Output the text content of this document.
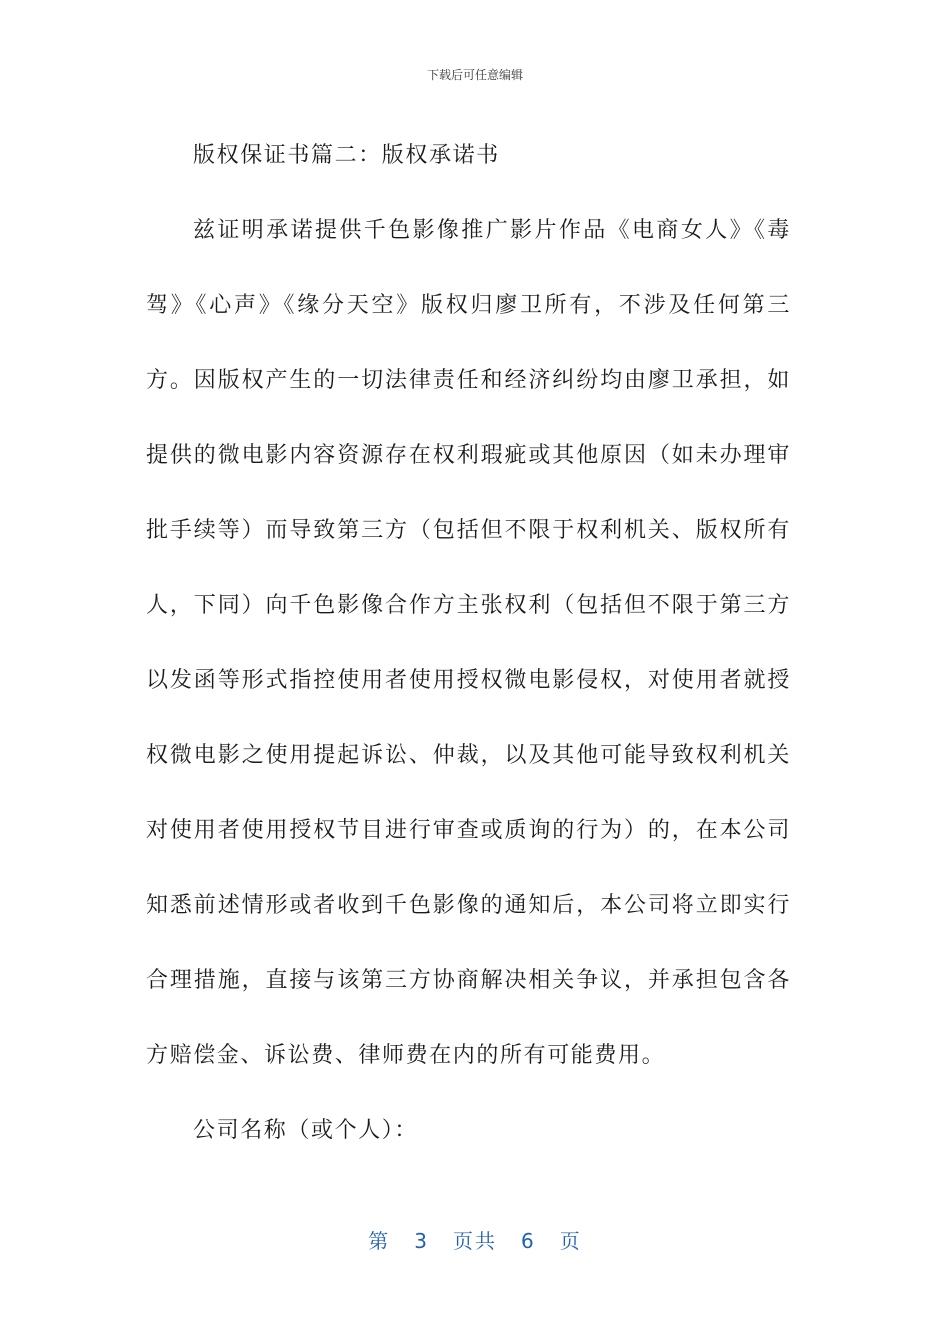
下载后可任意编辑

版权保证书篇二：版权承诺书

兹证明承诺提供千色影像推广影片作品《电商女人》《毒驾》《心声》《缘分天空》版权归廖卫所有，不涉及任何第三方。因版权产生的一切法律责任和经济纠纷均由廖卫承担，如提供的微电影内容资源存在权利瑕疵或其他原因（如未办理审批手续等）而导致第三方（包括但不限于权利机关、版权所有人，下同）向千色影像合作方主张权利（包括但不限于第三方以发函等形式指控使用者使用授权微电影侵权，对使用者就授权微电影之使用提起诉讼、仲裁，以及其他可能导致权利机关对使用者使用授权节目进行审查或质询的行为）的，在本公司知悉前述情形或者收到千色影像的通知后，本公司将立即实行合理措施，直接与该第三方协商解决相关争议，并承担包含各方赔偿金、诉讼费、律师费在内的所有可能费用。

公司名称（或个人）：

第 3 页共 6 页
